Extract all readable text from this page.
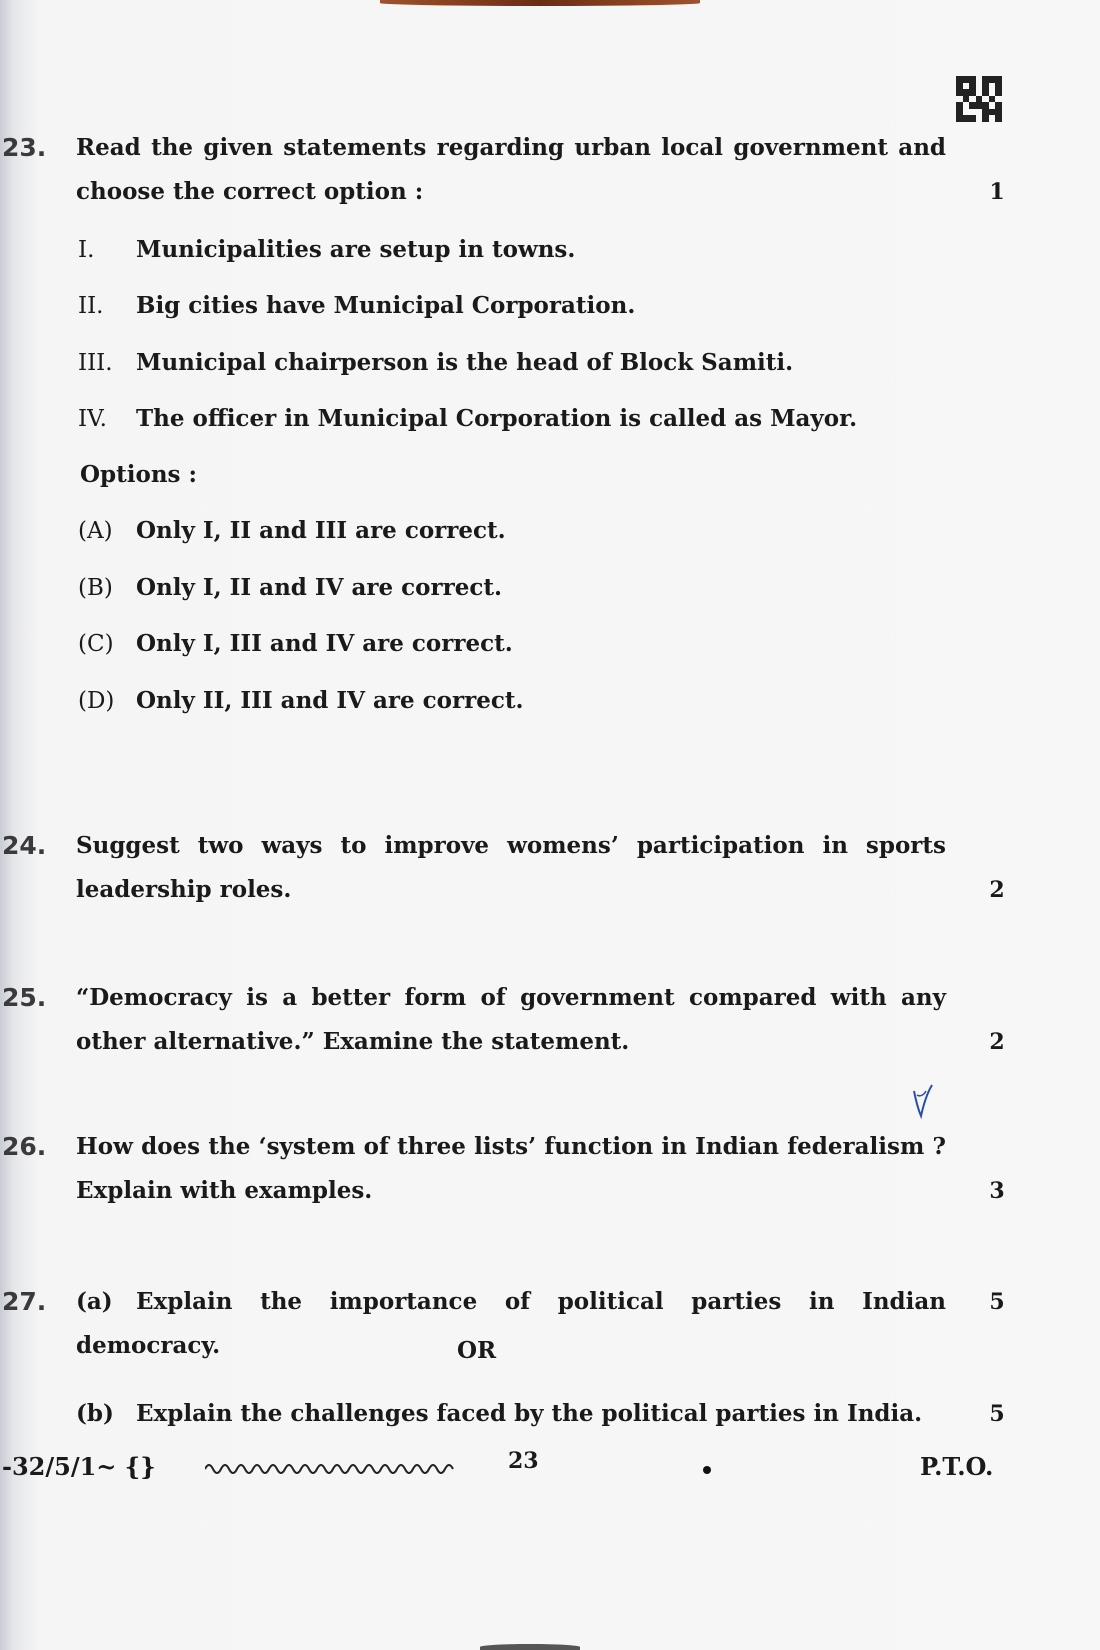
23. Read the given statements regarding urban local government and choose the correct option :	1
I. Municipalities are setup in towns.
II. Big cities have Municipal Corporation.
III. Municipal chairperson is the head of Block Samiti.
IV. The officer in Municipal Corporation is called as Mayor.
Options :
(A) Only I, II and III are correct.
(B) Only I, II and IV are correct.
(C) Only I, III and IV are correct.
(D) Only II, III and IV are correct.
24. Suggest two ways to improve womens’ participation in sports leadership roles.	2
25. “Democracy is a better form of government compared with any other alternative.” Examine the statement.	2
26. How does the ‘system of three lists’ function in Indian federalism ? Explain with examples.	3
27. (a) Explain the importance of political parties in Indian democracy.
5
OR
(b) Explain the challenges faced by the political parties in India.	5
-32/5/1~ {}	23	P.T.O.
